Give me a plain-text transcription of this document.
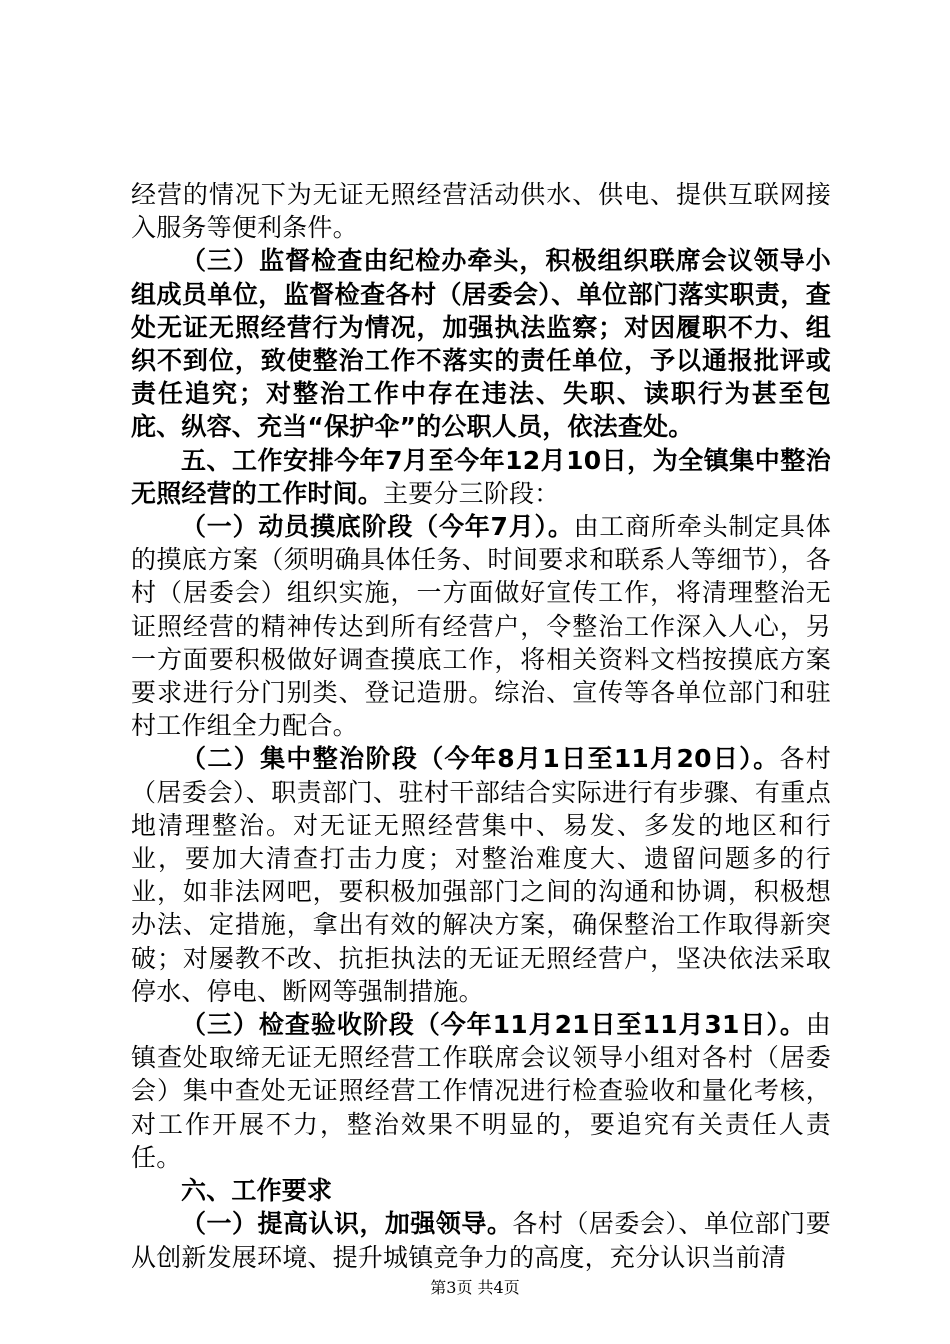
经营的情况下为无证无照经营活动供水、供电、提供互联网接入服务等便利条件。

（三）监督检查由纪检办牵头，积极组织联席会议领导小组成员单位，监督检查各村（居委会）、单位部门落实职责，查处无证无照经营行为情况，加强执法监察；对因履职不力、组织不到位，致使整治工作不落实的责任单位，予以通报批评或责任追究；对整治工作中存在违法、失职、读职行为甚至包庇、纵容、充当“保护伞”的公职人员，依法查处。

五、工作安排今年7月至今年12月10日，为全镇集中整治无照经营的工作时间。主要分三阶段：

（一）动员摸底阶段（今年7月）。由工商所牵头制定具体的摸底方案（须明确具体任务、时间要求和联系人等细节），各村（居委会）组织实施，一方面做好宣传工作，将清理整治无证照经营的精神传达到所有经营户，令整治工作深入人心，另一方面要积极做好调查摸底工作，将相关资料文档按摸底方案要求进行分门别类、登记造册。综治、宣传等各单位部门和驻村工作组全力配合。

（二）集中整治阶段（今年8月1日至11月20日）。各村（居委会）、职责部门、驻村干部结合实际进行有步骤、有重点地清理整治。对无证无照经营集中、易发、多发的地区和行业，要加大清查打击力度；对整治难度大、遗留问题多的行业，如非法网吧，要积极加强部门之间的沟通和协调，积极想办法、定措施，拿出有效的解决方案，确保整治工作取得新突破；对屡教不改、抗拒执法的无证无照经营户，坚决依法采取停水、停电、断网等强制措施。

（三）检查验收阶段（今年11月21日至11月31日）。由镇查处取缔无证无照经营工作联席会议领导小组对各村（居委会）集中查处无证照经营工作情况进行检查验收和量化考核，对工作开展不力，整治效果不明显的，要追究有关责任人责任。

六、工作要求

（一）提高认识，加强领导。各村（居委会）、单位部门要从创新发展环境、提升城镇竞争力的高度，充分认识当前清

第3页 共4页
